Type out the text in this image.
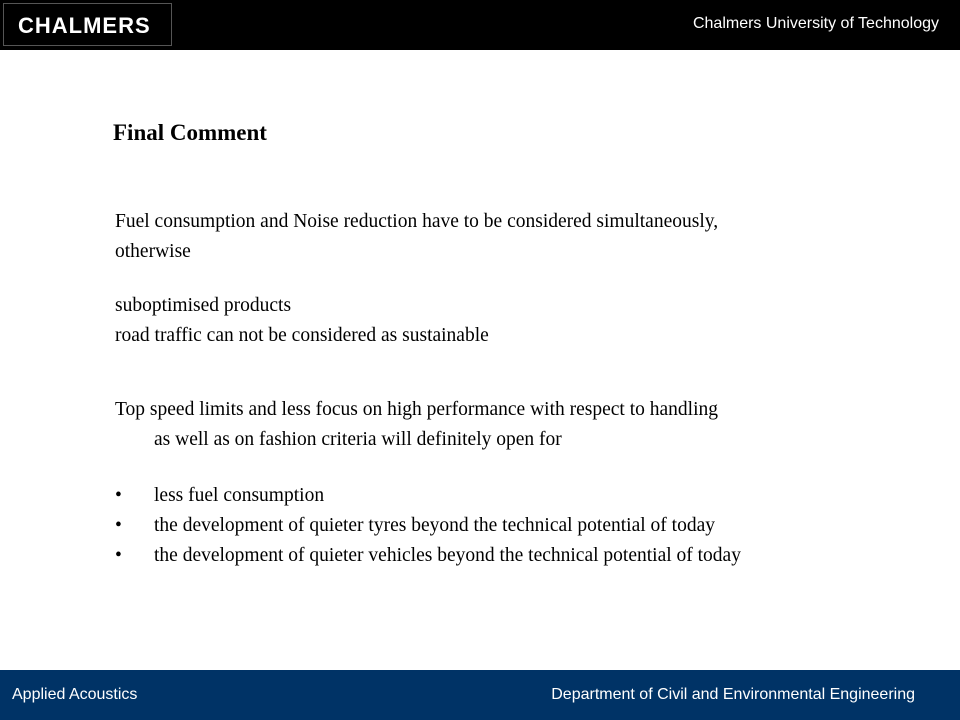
CHALMERS	Chalmers University of Technology
Final Comment

Fuel consumption and Noise reduction have to be considered simultaneously,
otherwise

suboptimised products
road traffic can not be considered as sustainable

Top speed limits and less focus on high performance with respect to handling
as well as on fashion criteria will definitely open for

• less fuel consumption
• the development of quieter tyres beyond the technical potential of today
• the development of quieter vehicles beyond the technical potential of today
Applied Acoustics	Department of Civil and Environmental Engineering
